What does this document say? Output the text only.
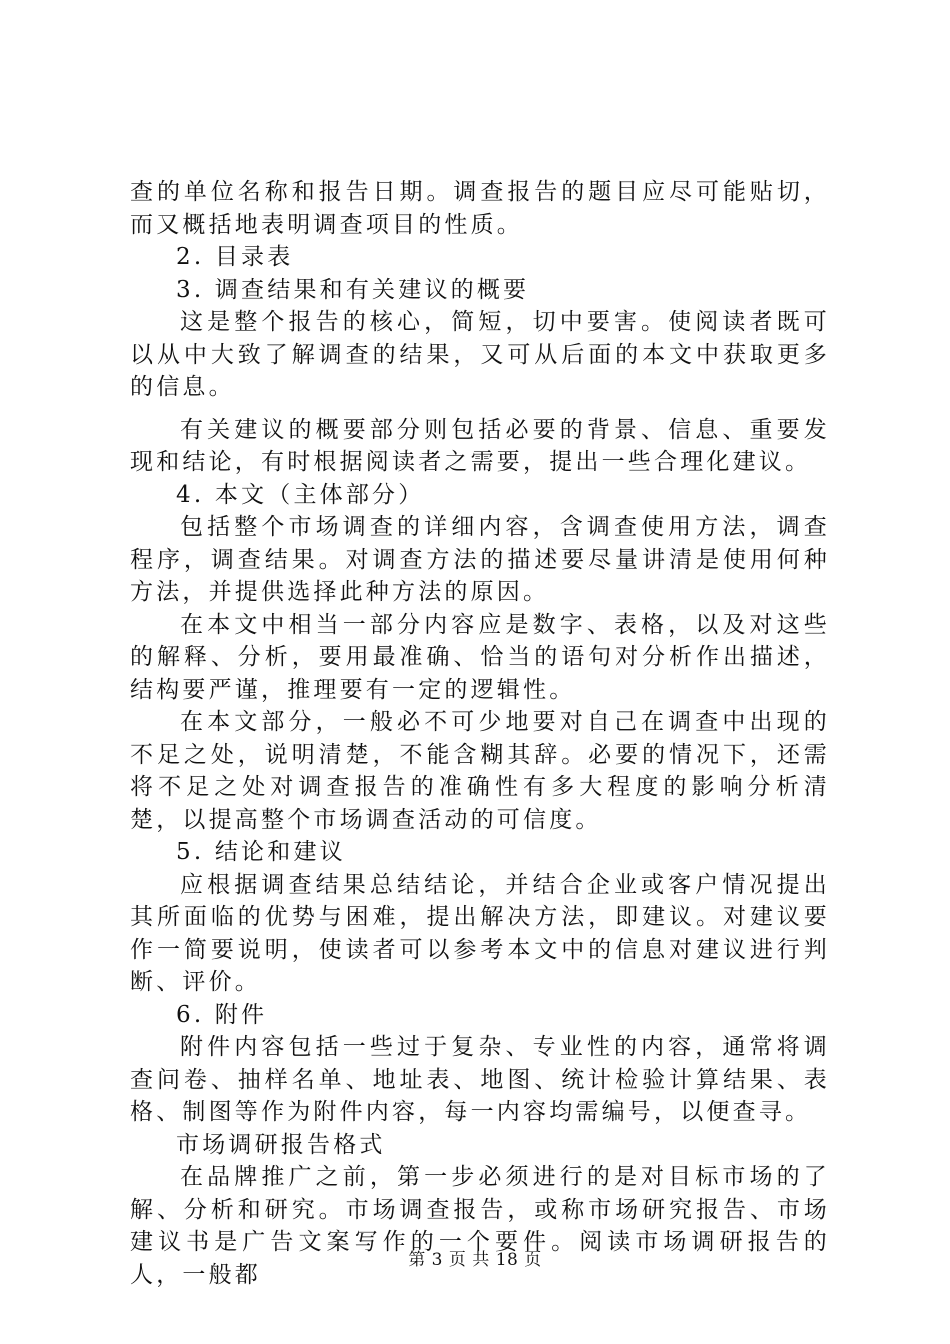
查的单位名称和报告日期。调查报告的题目应尽可能贴切，而又概括地表明调查项目的性质。

2. 目录表

3. 调查结果和有关建议的概要

这是整个报告的核心，简短，切中要害。使阅读者既可以从中大致了解调查的结果，又可从后面的本文中获取更多的信息。

有关建议的概要部分则包括必要的背景、信息、重要发现和结论，有时根据阅读者之需要，提出一些合理化建议。

4. 本文（主体部分）

包括整个市场调查的详细内容，含调查使用方法，调查程序，调查结果。对调查方法的描述要尽量讲清是使用何种方法，并提供选择此种方法的原因。

在本文中相当一部分内容应是数字、表格，以及对这些的解释、分析，要用最准确、恰当的语句对分析作出描述，结构要严谨，推理要有一定的逻辑性。

在本文部分，一般必不可少地要对自己在调查中出现的不足之处，说明清楚，不能含糊其辞。必要的情况下，还需将不足之处对调查报告的准确性有多大程度的影响分析清楚，以提高整个市场调查活动的可信度。

5. 结论和建议

应根据调查结果总结结论，并结合企业或客户情况提出其所面临的优势与困难，提出解决方法，即建议。对建议要作一简要说明，使读者可以参考本文中的信息对建议进行判断、评价。

6. 附件

附件内容包括一些过于复杂、专业性的内容，通常将调查问卷、抽样名单、地址表、地图、统计检验计算结果、表格、制图等作为附件内容，每一内容均需编号，以便查寻。

市场调研报告格式

在品牌推广之前，第一步必须进行的是对目标市场的了解、分析和研究。市场调查报告，或称市场研究报告、市场建议书是广告文案写作的一个要件。阅读市场调研报告的人，一般都

第 3 页 共 18 页
